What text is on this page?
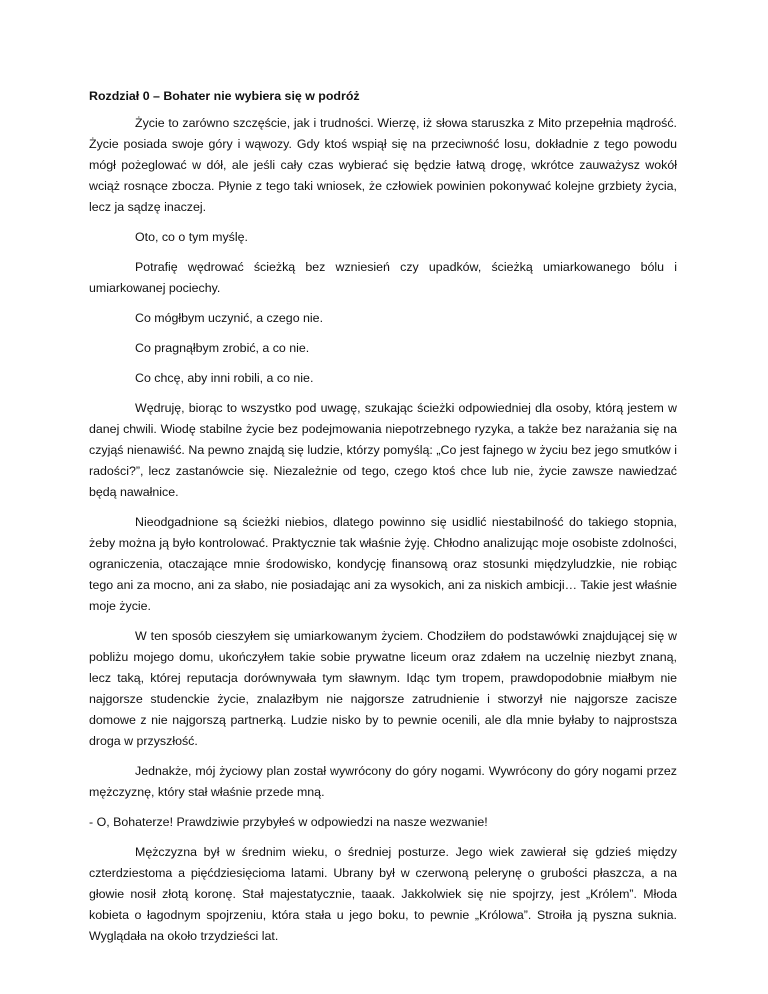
Rozdział 0 – Bohater nie wybiera się w podróż

Życie to zarówno szczęście, jak i trudności. Wierzę, iż słowa staruszka z Mito przepełnia mądrość. Życie posiada swoje góry i wąwozy. Gdy ktoś wspiął się na przeciwność losu, dokładnie z tego powodu mógł pożeglować w dół, ale jeśli cały czas wybierać się będzie łatwą drogę, wkrótce zauważysz wokół wciąż rosnące zbocza. Płynie z tego taki wniosek, że człowiek powinien pokonywać kolejne grzbiety życia, lecz ja sądzę inaczej.

Oto, co o tym myślę.

Potrafię wędrować ścieżką bez wzniesień czy upadków, ścieżką umiarkowanego bólu i umiarkowanej pociechy.

Co mógłbym uczynić, a czego nie.

Co pragnąłbym zrobić, a co nie.

Co chcę, aby inni robili, a co nie.

Wędruję, biorąc to wszystko pod uwagę, szukając ścieżki odpowiedniej dla osoby, którą jestem w danej chwili. Wiodę stabilne życie bez podejmowania niepotrzebnego ryzyka, a także bez narażania się na czyjąś nienawiść. Na pewno znajdą się ludzie, którzy pomyślą: „Co jest fajnego w życiu bez jego smutków i radości?”, lecz zastanówcie się. Niezależnie od tego, czego ktoś chce lub nie, życie zawsze nawiedzać będą nawałnice.

Nieodgadnione są ścieżki niebios, dlatego powinno się usidlić niestabilność do takiego stopnia, żeby można ją było kontrolować. Praktycznie tak właśnie żyję. Chłodno analizując moje osobiste zdolności, ograniczenia, otaczające mnie środowisko, kondycję finansową oraz stosunki międzyludzkie, nie robiąc tego ani za mocno, ani za słabo, nie posiadając ani za wysokich, ani za niskich ambicji… Takie jest właśnie moje życie.

W ten sposób cieszyłem się umiarkowanym życiem. Chodziłem do podstawówki znajdującej się w pobliżu mojego domu, ukończyłem takie sobie prywatne liceum oraz zdałem na uczelnię niezbyt znaną, lecz taką, której reputacja dorównywała tym sławnym. Idąc tym tropem, prawdopodobnie miałbym nie najgorsze studenckie życie, znalazłbym nie najgorsze zatrudnienie i stworzył nie najgorsze zacisze domowe z nie najgorszą partnerką. Ludzie nisko by to pewnie ocenili, ale dla mnie byłaby to najprostsza droga w przyszłość.

Jednakże, mój życiowy plan został wywrócony do góry nogami. Wywrócony do góry nogami przez mężczyznę, który stał właśnie przede mną.

- O, Bohaterze! Prawdziwie przybyłeś w odpowiedzi na nasze wezwanie!

Mężczyzna był w średnim wieku, o średniej posturze. Jego wiek zawierał się gdzieś między czterdziestoma a pięćdziesięcioma latami. Ubrany był w czerwoną pelerynę o grubości płaszcza, a na głowie nosił złotą koronę. Stał majestatycznie, taaak. Jakkolwiek się nie spojrzy, jest „Królem”. Młoda kobieta o łagodnym spojrzeniu, która stała u jego boku, to pewnie „Królowa”. Stroiła ją pyszna suknia. Wyglądała na około trzydzieści lat.
